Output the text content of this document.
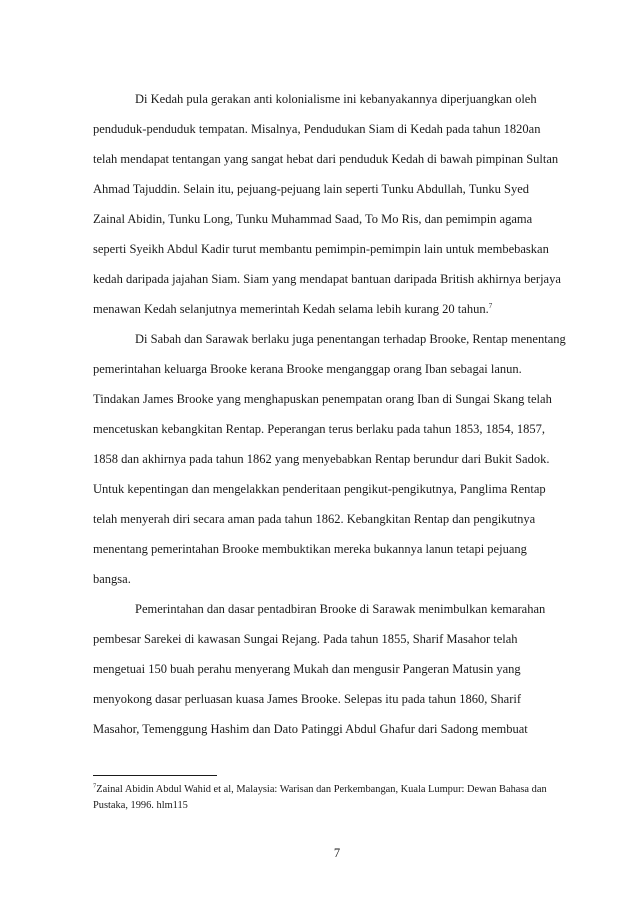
Di Kedah pula gerakan anti kolonialisme ini kebanyakannya diperjuangkan oleh
penduduk-penduduk tempatan. Misalnya, Pendudukan Siam di Kedah pada tahun 1820an
telah mendapat tentangan yang sangat hebat dari penduduk Kedah di bawah pimpinan Sultan
Ahmad Tajuddin. Selain itu, pejuang-pejuang lain seperti Tunku Abdullah, Tunku Syed
Zainal Abidin, Tunku Long, Tunku Muhammad Saad, To Mo Ris, dan pemimpin agama
seperti Syeikh Abdul Kadir turut membantu pemimpin-pemimpin lain untuk membebaskan
kedah daripada jajahan Siam. Siam yang mendapat bantuan daripada British akhirnya berjaya
menawan Kedah selanjutnya memerintah Kedah selama lebih kurang 20 tahun.$^7$

Di Sabah dan Sarawak berlaku juga penentangan terhadap Brooke, Rentap menentang
pemerintahan keluarga Brooke kerana Brooke menganggap orang Iban sebagai lanun.
Tindakan James Brooke yang menghapuskan penempatan orang Iban di Sungai Skang telah
mencetuskan kebangkitan Rentap. Peperangan terus berlaku pada tahun 1853, 1854, 1857,
1858 dan akhirnya pada tahun 1862 yang menyebabkan Rentap berundur dari Bukit Sadok.
Untuk kepentingan dan mengelakkan penderitaan pengikut-pengikutnya, Panglima Rentap
telah menyerah diri secara aman pada tahun 1862. Kebangkitan Rentap dan pengikutnya
menentang pemerintahan Brooke membuktikan mereka bukannya lanun tetapi pejuang
bangsa.

Pemerintahan dan dasar pentadbiran Brooke di Sarawak menimbulkan kemarahan
pembesar Sarekei di kawasan Sungai Rejang. Pada tahun 1855, Sharif Masahor telah
mengetuai 150 buah perahu menyerang Mukah dan mengusir Pangeran Matusin yang
menyokong dasar perluasan kuasa James Brooke. Selepas itu pada tahun 1860, Sharif
Masahor, Temenggung Hashim dan Dato Patinggi Abdul Ghafur dari Sadong membuat

$^7$Zainal Abidin Abdul Wahid et al, Malaysia: Warisan dan Perkembangan, Kuala Lumpur: Dewan Bahasa dan
Pustaka, 1996. hlm115
7
